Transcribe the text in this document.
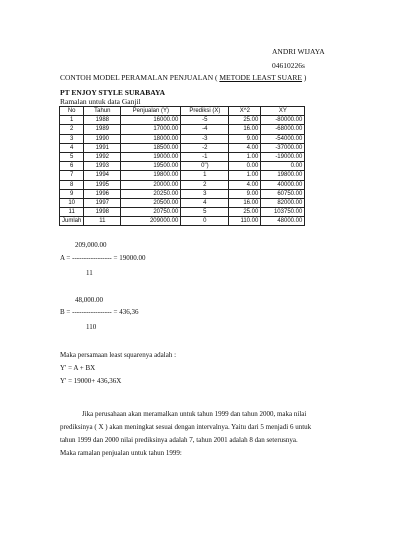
ANDRI WIJAYA
04610226s
CONTOH MODEL PERAMALAN PENJUALAN ( METODE LEAST SUARE )
PT ENJOY STYLE SURABAYA
Ramalan untuk data Ganjil
No	Tahun	Penjualan (Y)	Prediksi (X)	X^2	XY
1	1988	16000.00	-5	25.00	-80000.00
2	1989	17000.00	-4	16.00	-68000.00
3	1990	18000.00	-3	9.00	-54000.00
4	1991	18500.00	-2	4.00	-37000.00
5	1992	19000.00	-1	1.00	-19000.00
6	1993	19500.00	0")	0.00	0.00
7	1994	19800.00	1	1.00	19800.00
8	1995	20000.00	2	4.00	40000.00
9	1996	20250.00	3	9.00	60750.00
10	1997	20500.00	4	16.00	82000.00
11	1998	20750.00	5	25.00	103750.00
Jumlah	11	209000.00	0	110.00	48000.00
209,000.00
A = ----------------- = 19000.00
11
48,000.00
B = ----------------- = 436,36
110
Maka persamaan least squarenya adalah :
Y' = A + BX
Y' = 19000+ 436,36X
Jika perusahaan akan meramalkan untuk tahun 1999 dan tahun 2000, maka nilai
prediksinya ( X ) akan meningkat sesuai dengan intervalnya. Yaitu dari 5 menjadi 6 untuk
tahun 1999 dan 2000 nilai prediksinya adalah 7, tahun 2001 adalah 8 dan seterusnya.
Maka ramalan penjualan untuk tahun 1999:
